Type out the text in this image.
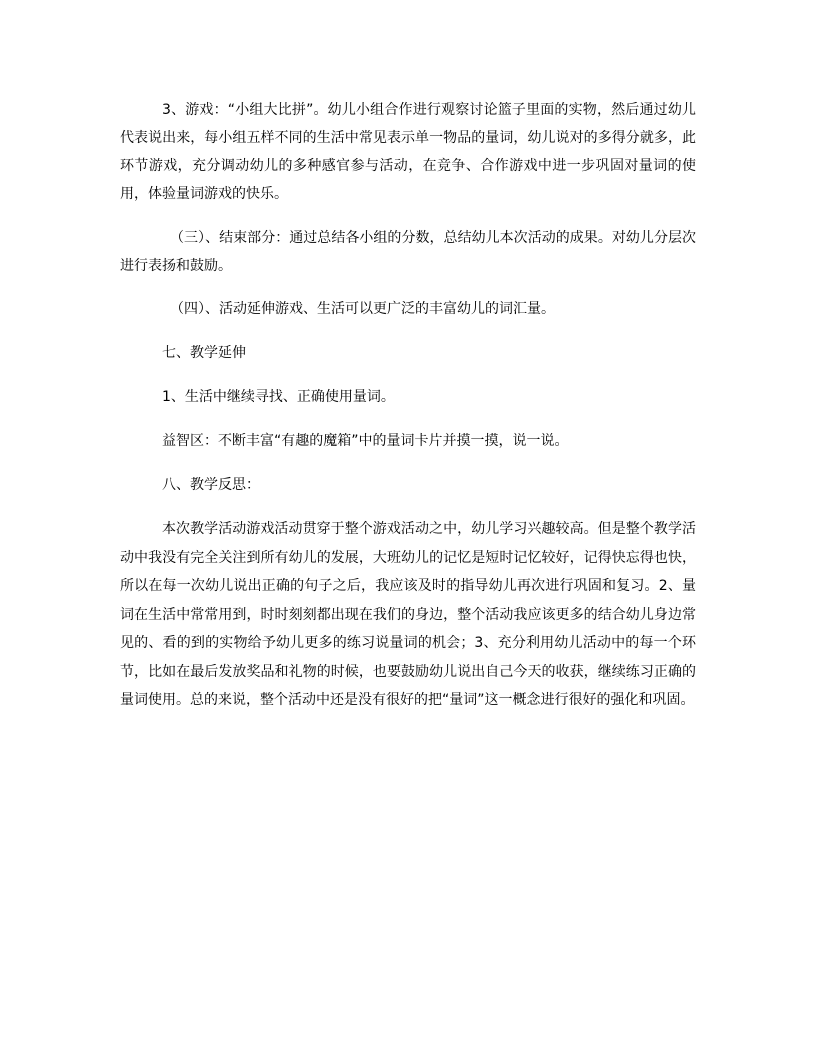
3、游戏：“小组大比拼”。幼儿小组合作进行观察讨论篮子里面的实物，然后通过幼儿代表说出来，每小组五样不同的生活中常见表示单一物品的量词，幼儿说对的多得分就多，此环节游戏，充分调动幼儿的多种感官参与活动，在竞争、合作游戏中进一步巩固对量词的使用，体验量词游戏的快乐。

（三）、结束部分：通过总结各小组的分数，总结幼儿本次活动的成果。对幼儿分层次进行表扬和鼓励。

（四）、活动延伸游戏、生活可以更广泛的丰富幼儿的词汇量。

七、教学延伸

1、生活中继续寻找、正确使用量词。

益智区：不断丰富“有趣的魔箱”中的量词卡片并摸一摸，说一说。

八、教学反思：

本次教学活动游戏活动贯穿于整个游戏活动之中，幼儿学习兴趣较高。但是整个教学活动中我没有完全关注到所有幼儿的发展，大班幼儿的记忆是短时记忆较好，记得快忘得也快，所以在每一次幼儿说出正确的句子之后，我应该及时的指导幼儿再次进行巩固和复习。2、量词在生活中常常用到，时时刻刻都出现在我们的身边，整个活动我应该更多的结合幼儿身边常见的、看的到的实物给予幼儿更多的练习说量词的机会；3、充分利用幼儿活动中的每一个环节，比如在最后发放奖品和礼物的时候，也要鼓励幼儿说出自己今天的收获，继续练习正确的量词使用。总的来说，整个活动中还是没有很好的把“量词”这一概念进行很好的强化和巩固。
